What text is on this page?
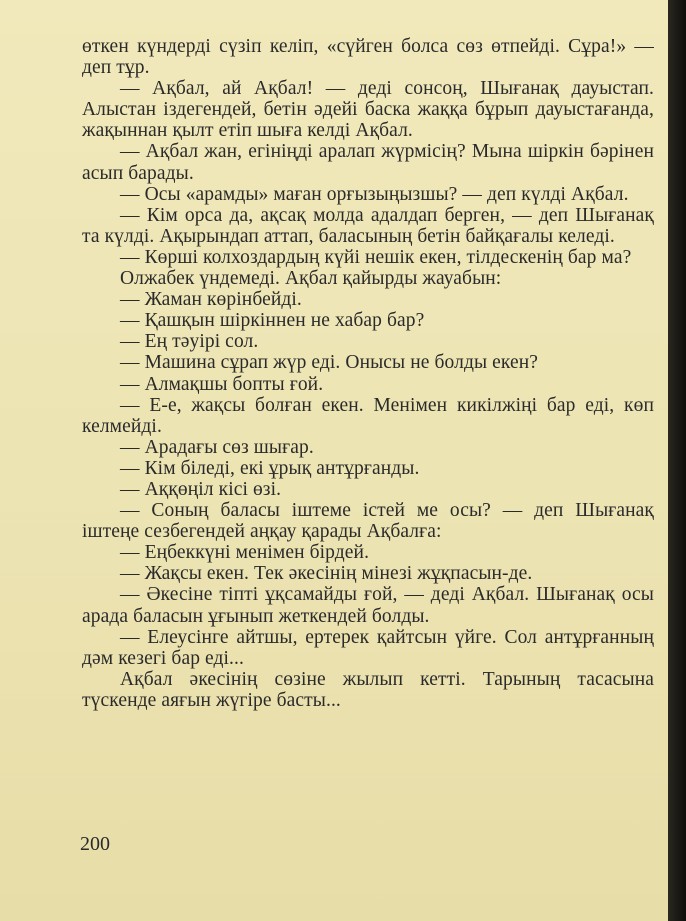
өткен күндерді сүзіп келіп, «сүйген болса сөз өтпейді. Сұра!» — деп тұр.

— Ақбал, ай Ақбал! — деді сонсоң, Шығанақ дауыстап. Алыстан іздегендей, бетін әдейі баска жаққа бұрып дауыстағанда, жақыннан қылт етіп шыға келді Ақбал.

— Ақбал жан, егініңді аралап жүрмісің? Мына шіркін бәрінен асып барады.

— Осы «арамды» маған орғызыңызшы? — деп күлді Ақбал.

— Кім орса да, ақсақ молда адалдап берген, — деп Шығанақ та күлді. Ақырындап аттап, баласының бетін байқағалы келеді.

— Көрші колхоздардың күйі нешік екен, тілдескенің бар ма?

Олжабек үндемеді. Ақбал қайырды жауабын:

— Жаман көрінбейді.

— Қашқын шіркіннен не хабар бар?

— Ең тәуірі сол.

— Машина сұрап жүр еді. Онысы не болды екен?

— Алмақшы бопты ғой.

— Е-е, жақсы болған екен. Менімен кикілжіңі бар еді, көп келмейді.

— Арадағы сөз шығар.

— Кім біледі, екі ұрық антұрғанды.

— Аққөңіл кісі өзі.

— Соның баласы іштеме істей ме осы? — деп Шығанақ іштеңе сезбегендей аңқау қарады Ақбалға:

— Еңбеккүні менімен бірдей.

— Жақсы екен. Тек әкесінің мінезі жұқпасын-де.

— Әкесіне тіпті ұқсамайды ғой, — деді Ақбал. Шығанақ осы арада баласын ұғынып жеткендей болды.

— Елеусінге айтшы, ертерек қайтсын үйге. Сол антұрғанның дәм кезегі бар еді...

Ақбал әкесінің сөзіне жылып кетті. Тарының тасасына түскенде аяғын жүгіре басты...

200
